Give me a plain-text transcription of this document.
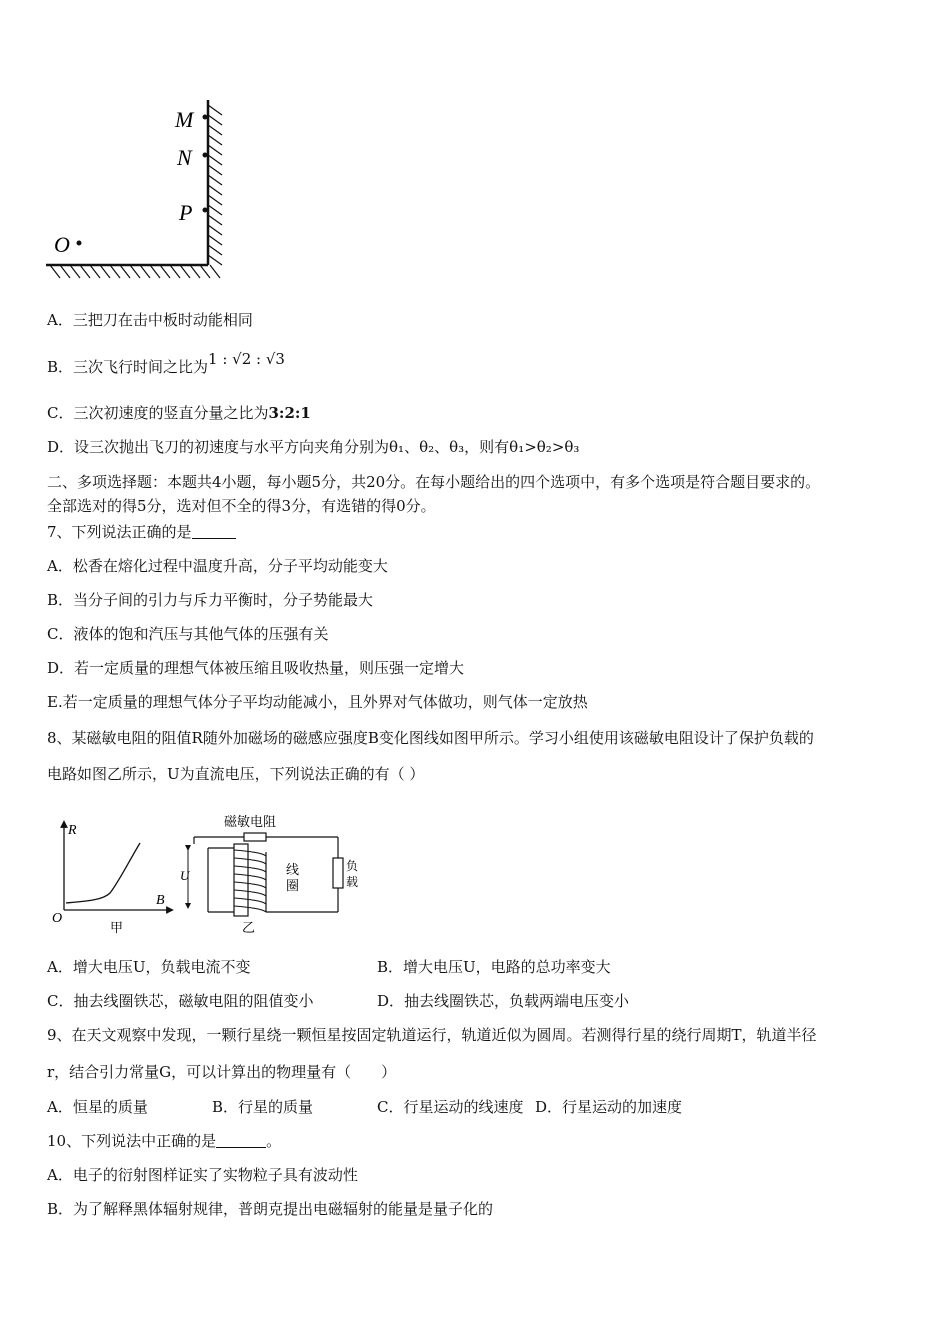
M
N
P
O
A．三把刀在击中板时动能相同
B．三次飞行时间之比为1 : √2 : √3
C．三次初速度的竖直分量之比为3:2:1
D．设三次抛出飞刀的初速度与水平方向夹角分别为θ₁、θ₂、θ₃，则有θ₁>θ₂>θ₃
二、多项选择题：本题共4小题，每小题5分，共20分。在每小题给出的四个选项中，有多个选项是符合题目要求的。
全部选对的得5分，选对但不全的得3分，有选错的得0分。
7、下列说法正确的是
A．松香在熔化过程中温度升高，分子平均动能变大
B．当分子间的引力与斥力平衡时，分子势能最大
C．液体的饱和汽压与其他气体的压强有关
D．若一定质量的理想气体被压缩且吸收热量，则压强一定增大
E.若一定质量的理想气体分子平均动能减小，且外界对气体做功，则气体一定放热
8、某磁敏电阻的阻值R随外加磁场的磁感应强度B变化图线如图甲所示。学习小组使用该磁敏电阻设计了保护负载的
电路如图乙所示，U为直流电压，下列说法正确的有（ ）
R
B
O
甲
磁敏电阻
负
载
U	线
圈
乙
A．增大电压U，负载电流不变	B．增大电压U，电路的总功率变大
C．抽去线圈铁芯，磁敏电阻的阻值变小	D．抽去线圈铁芯，负载两端电压变小
9、在天文观察中发现，一颗行星绕一颗恒星按固定轨道运行，轨道近似为圆周。若测得行星的绕行周期T，轨道半径
r，结合引力常量G，可以计算出的物理量有（　　）
A．恒星的质量	B．行星的质量	C．行星运动的线速度 D．行星运动的加速度
10、下列说法中正确的是	。
A．电子的衍射图样证实了实物粒子具有波动性
B．为了解释黑体辐射规律，普朗克提出电磁辐射的能量是量子化的
